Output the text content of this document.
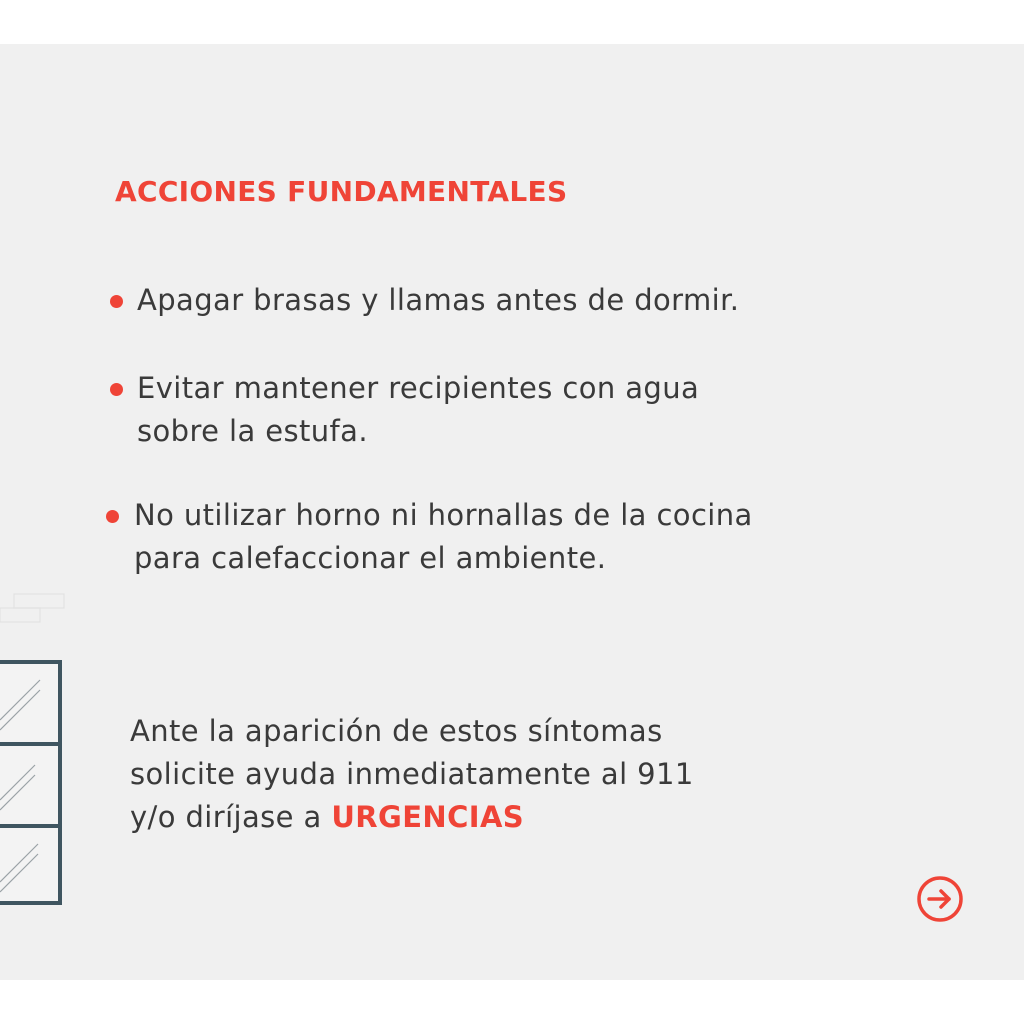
ACCIONES FUNDAMENTALES
Apagar brasas y llamas antes de dormir.
Evitar mantener recipientes con agua sobre la estufa.
No utilizar horno ni hornallas de la cocina para calefaccionar el ambiente.
Ante la aparición de estos síntomas
solicite ayuda inmediatamente al 911
y/o diríjase a URGENCIAS
